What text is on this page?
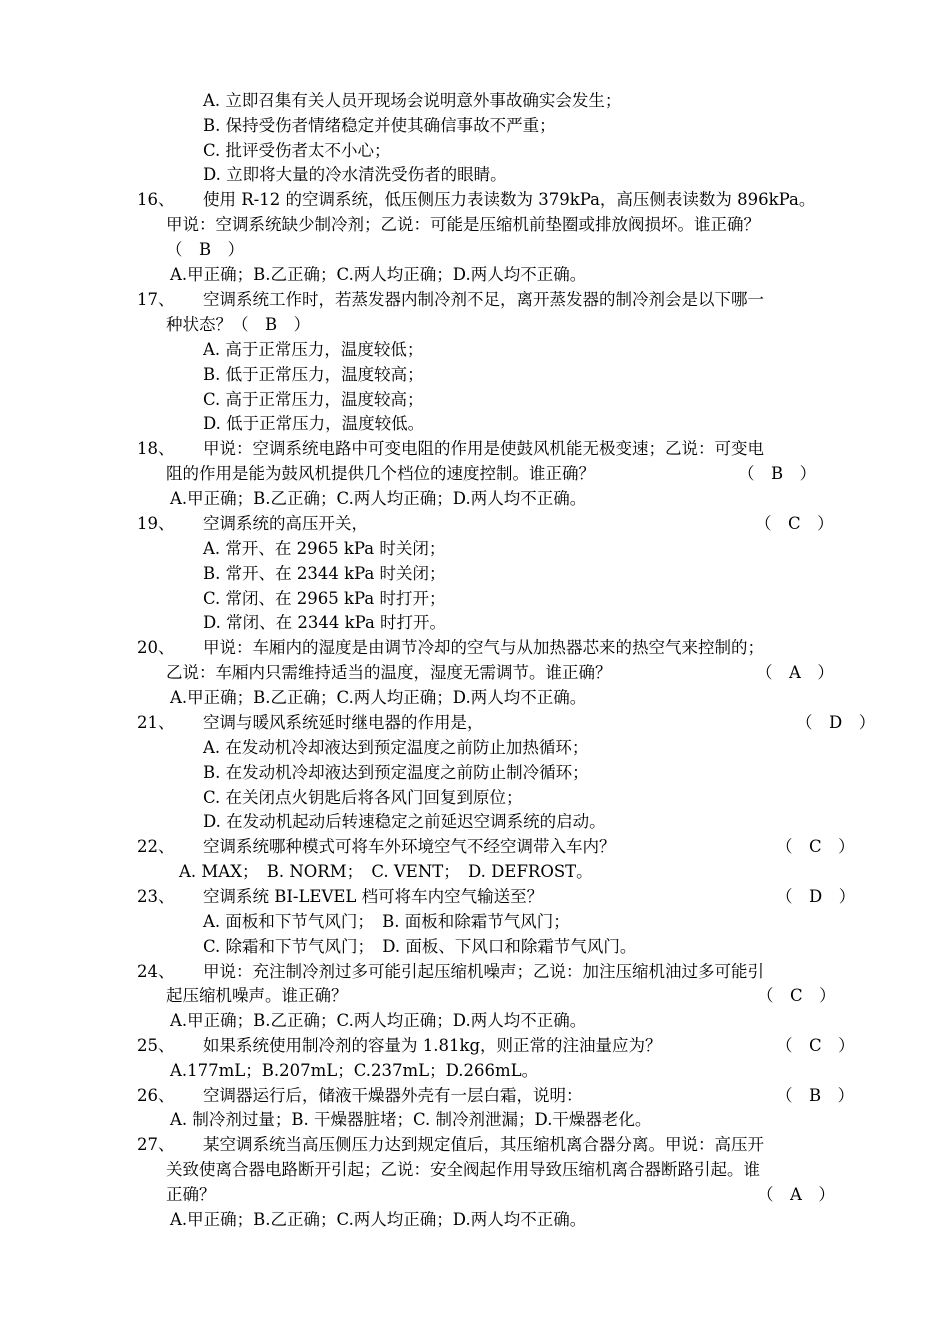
A. 立即召集有关人员开现场会说明意外事故确实会发生；
B. 保持受伤者情绪稳定并使其确信事故不严重；
C. 批评受伤者太不小心；
D. 立即将大量的冷水清洗受伤者的眼睛。
16、 使用 R-12 的空调系统，低压侧压力表读数为 379kPa，高压侧表读数为 896kPa。
甲说：空调系统缺少制冷剂；乙说：可能是压缩机前垫圈或排放阀损坏。谁正确？
（　B　）
A.甲正确；B.乙正确；C.两人均正确；D.两人均不正确。
17、 空调系统工作时，若蒸发器内制冷剂不足，离开蒸发器的制冷剂会是以下哪一
种状态？（　B　）
A. 高于正常压力，温度较低；
B. 低于正常压力，温度较高；
C. 高于正常压力，温度较高；
D. 低于正常压力，温度较低。
18、 甲说：空调系统电路中可变电阻的作用是使鼓风机能无极变速；乙说：可变电
阻的作用是能为鼓风机提供几个档位的速度控制。谁正确？	（　B　）
A.甲正确；B.乙正确；C.两人均正确；D.两人均不正确。
19、 空调系统的高压开关，	（　C　）
A. 常开、在 2965 kPa 时关闭；
B. 常开、在 2344 kPa 时关闭；
C. 常闭、在 2965 kPa 时打开；
D. 常闭、在 2344 kPa 时打开。
20、 甲说：车厢内的湿度是由调节冷却的空气与从加热器芯来的热空气来控制的；
乙说：车厢内只需维持适当的温度，湿度无需调节。谁正确？	（　A　）
A.甲正确；B.乙正确；C.两人均正确；D.两人均不正确。
21、 空调与暖风系统延时继电器的作用是，	（　D　）
A. 在发动机冷却液达到预定温度之前防止加热循环；
B. 在发动机冷却液达到预定温度之前防止制冷循环；
C. 在关闭点火钥匙后将各风门回复到原位；
D. 在发动机起动后转速稳定之前延迟空调系统的启动。
22、 空调系统哪种模式可将车外环境空气不经空调带入车内？	（　C　）
A. MAX；　B. NORM；　C. VENT；　D. DEFROST。
23、 空调系统 BI-LEVEL 档可将车内空气输送至？	（　D　）
A. 面板和下节气风门；　B. 面板和除霜节气风门；
C. 除霜和下节气风门；　D. 面板、下风口和除霜节气风门。
24、 甲说：充注制冷剂过多可能引起压缩机噪声；乙说：加注压缩机油过多可能引
起压缩机噪声。谁正确？	（　C　）
A.甲正确；B.乙正确；C.两人均正确；D.两人均不正确。
25、 如果系统使用制冷剂的容量为 1.81kg，则正常的注油量应为？	（　C　）
A.177mL；B.207mL；C.237mL；D.266mL。
26、 空调器运行后，储液干燥器外壳有一层白霜，说明：	（　B　）
A. 制冷剂过量；B. 干燥器脏堵；C. 制冷剂泄漏；D.干燥器老化。
27、 某空调系统当高压侧压力达到规定值后，其压缩机离合器分离。甲说：高压开
关致使离合器电路断开引起；乙说：安全阀起作用导致压缩机离合器断路引起。谁
正确？	（　A　）
A.甲正确；B.乙正确；C.两人均正确；D.两人均不正确。
